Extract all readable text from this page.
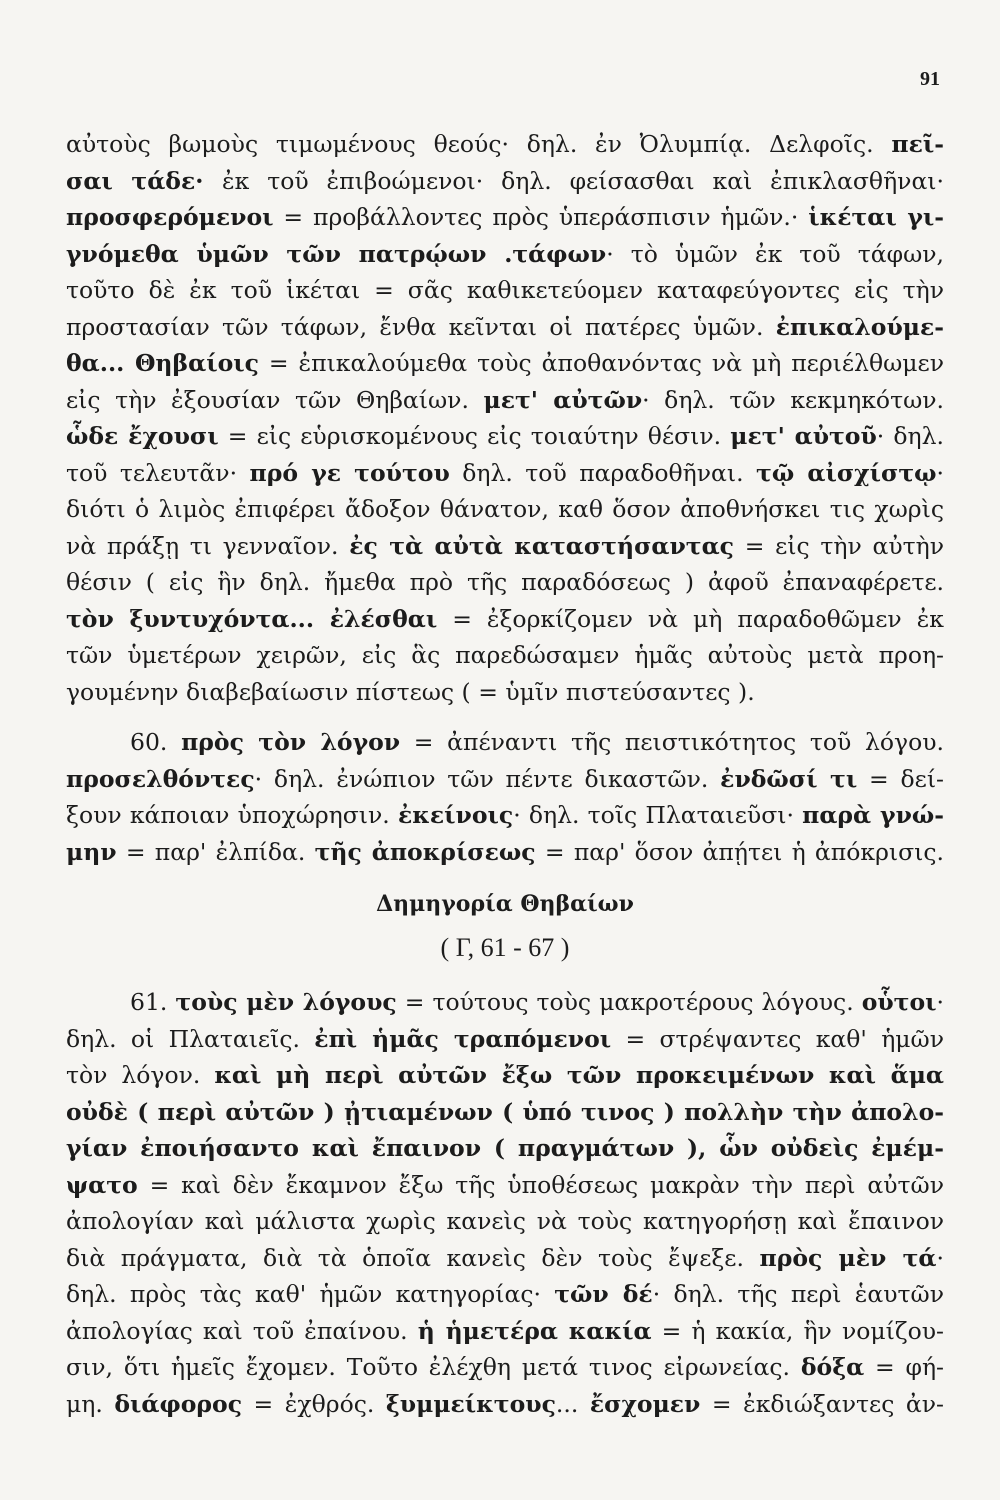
91
αὐτοὺς βωμοὺς τιμωμένους θεούς· δηλ. ἐν Ὀλυμπίᾳ. Δελφοῖς. πεῖ-
σαι τάδε· ἐκ τοῦ ἐπιβοώμενοι· δηλ. φείσασθαι καὶ ἐπικλασθῆναι·
προσφερόμενοι = προβάλλοντες πρὸς ὑπεράσπισιν ἡμῶν.· ἱκέται γι-
γνόμεθα ὑμῶν τῶν πατρῴων .τάφων· τὸ ὑμῶν ἐκ τοῦ τάφων,
τοῦτο δὲ ἐκ τοῦ ἱκέται = σᾶς καθικετεύομεν καταφεύγοντες εἰς τὴν
προστασίαν τῶν τάφων, ἔνθα κεῖνται οἱ πατέρες ὑμῶν. ἐπικαλούμε-
θα... Θηβαίοις = ἐπικαλούμεθα τοὺς ἀποθανόντας νὰ μὴ περιέλθωμεν
εἰς τὴν ἐξουσίαν τῶν Θηβαίων. μετ' αὐτῶν· δηλ. τῶν κεκμηκότων.
ὧδε ἔχουσι = εἰς εὑρισκομένους εἰς τοιαύτην θέσιν. μετ' αὐτοῦ· δηλ.
τοῦ τελευτᾶν· πρό γε τούτου δηλ. τοῦ παραδοθῆναι. τῷ αἰσχίστῳ·
διότι ὁ λιμὸς ἐπιφέρει ἄδοξον θάνατον, καθ ὅσον ἀποθνήσκει τις χωρὶς
νὰ πράξῃ τι γενναῖον. ἐς τὰ αὐτὰ καταστήσαντας = εἰς τὴν αὐτὴν
θέσιν ( εἰς ἣν δηλ. ἤμεθα πρὸ τῆς παραδόσεως ) ἀφοῦ ἐπαναφέρετε.
τὸν ξυντυχόντα... ἐλέσθαι = ἐξορκίζομεν νὰ μὴ παραδοθῶμεν ἐκ
τῶν ὑμετέρων χειρῶν, εἰς ἃς παρεδώσαμεν ἡμᾶς αὐτοὺς μετὰ προη-
γουμένην διαβεβαίωσιν πίστεως ( = ὑμῖν πιστεύσαντες ).
60. πρὸς τὸν λόγον = ἀπέναντι τῆς πειστικότητος τοῦ λόγου.
προσελθόντες· δηλ. ἐνώπιον τῶν πέντε δικαστῶν. ἐνδῶσί τι = δεί-
ξουν κάποιαν ὑποχώρησιν. ἐκείνοις· δηλ. τοῖς Πλαταιεῦσι· παρὰ γνώ-
μην = παρ' ἐλπίδα. τῆς ἀποκρίσεως = παρ' ὅσον ἀπῄτει ἡ ἀπόκρισις.
Δημηγορία Θηβαίων
( Γ, 61 - 67 )
61. τοὺς μὲν λόγους = τούτους τοὺς μακροτέρους λόγους. οὗτοι·
δηλ. οἱ Πλαταιεῖς. ἐπὶ ἡμᾶς τραπόμενοι = στρέψαντες καθ' ἡμῶν
τὸν λόγον. καὶ μὴ περὶ αὐτῶν ἔξω τῶν προκειμένων καὶ ἅμα
οὐδὲ ( περὶ αὐτῶν ) ᾐτιαμένων ( ὑπό τινος ) πολλὴν τὴν ἀπολο-
γίαν ἐποιήσαντο καὶ ἔπαινον ( πραγμάτων ), ὧν οὐδεὶς ἐμέμ-
ψατο = καὶ δὲν ἔκαμνον ἔξω τῆς ὑποθέσεως μακρὰν τὴν περὶ αὐτῶν
ἀπολογίαν καὶ μάλιστα χωρὶς κανεὶς νὰ τοὺς κατηγορήσῃ καὶ ἔπαινον
διὰ πράγματα, διὰ τὰ ὁποῖα κανεὶς δὲν τοὺς ἔψεξε. πρὸς μὲν τά·
δηλ. πρὸς τὰς καθ' ἡμῶν κατηγορίας· τῶν δέ· δηλ. τῆς περὶ ἑαυτῶν
ἀπολογίας καὶ τοῦ ἐπαίνου. ἡ ἡμετέρα κακία = ἡ κακία, ἣν νομίζου-
σιν, ὅτι ἡμεῖς ἔχομεν. Τοῦτο ἐλέχθη μετά τινος εἰρωνείας. δόξα = φή-
μη. διάφορος = ἐχθρός. ξυμμείκτους... ἔσχομεν = ἐκδιώξαντες ἀν-
